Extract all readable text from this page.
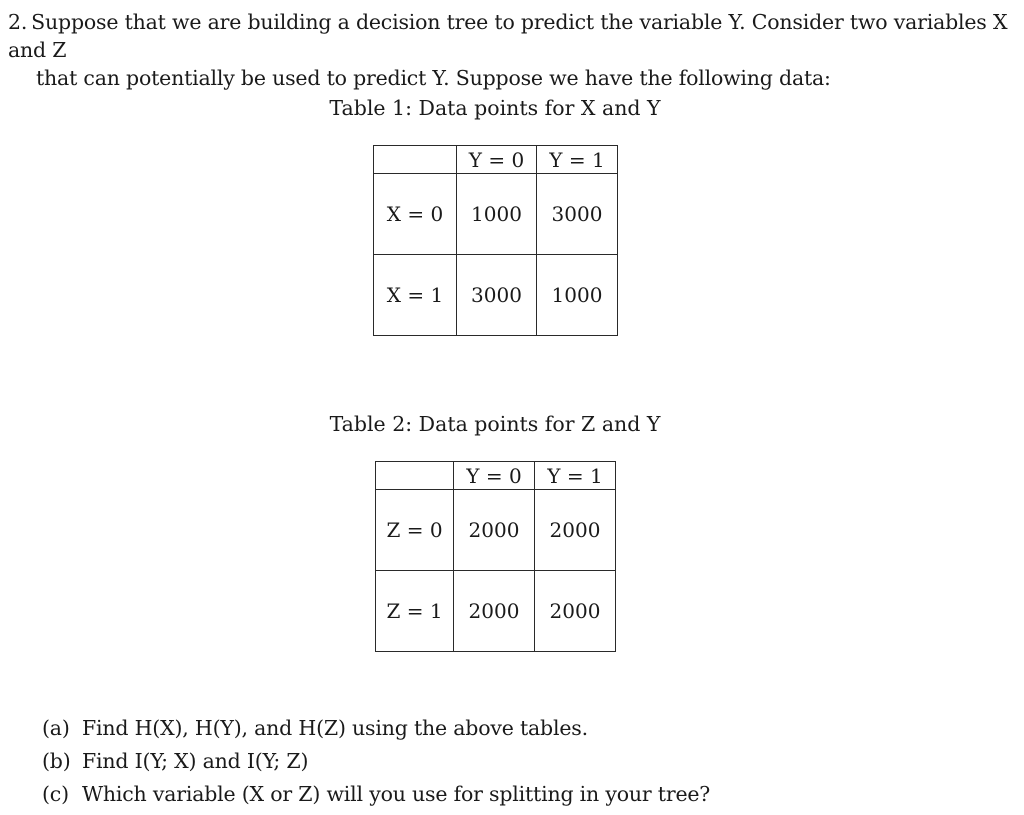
2. Suppose that we are building a decision tree to predict the variable Y. Consider two variables X and Z
that can potentially be used to predict Y. Suppose we have the following data:
Table 1: Data points for X and Y
	Y = 0	Y = 1
X = 0	1000	3000
X = 1	3000	1000
Table 2: Data points for Z and Y
	Y = 0	Y = 1
Z = 0	2000	2000
Z = 1	2000	2000
(a) Find H(X), H(Y), and H(Z) using the above tables.
(b) Find I(Y; X) and I(Y; Z)
(c) Which variable (X or Z) will you use for splitting in your tree?
